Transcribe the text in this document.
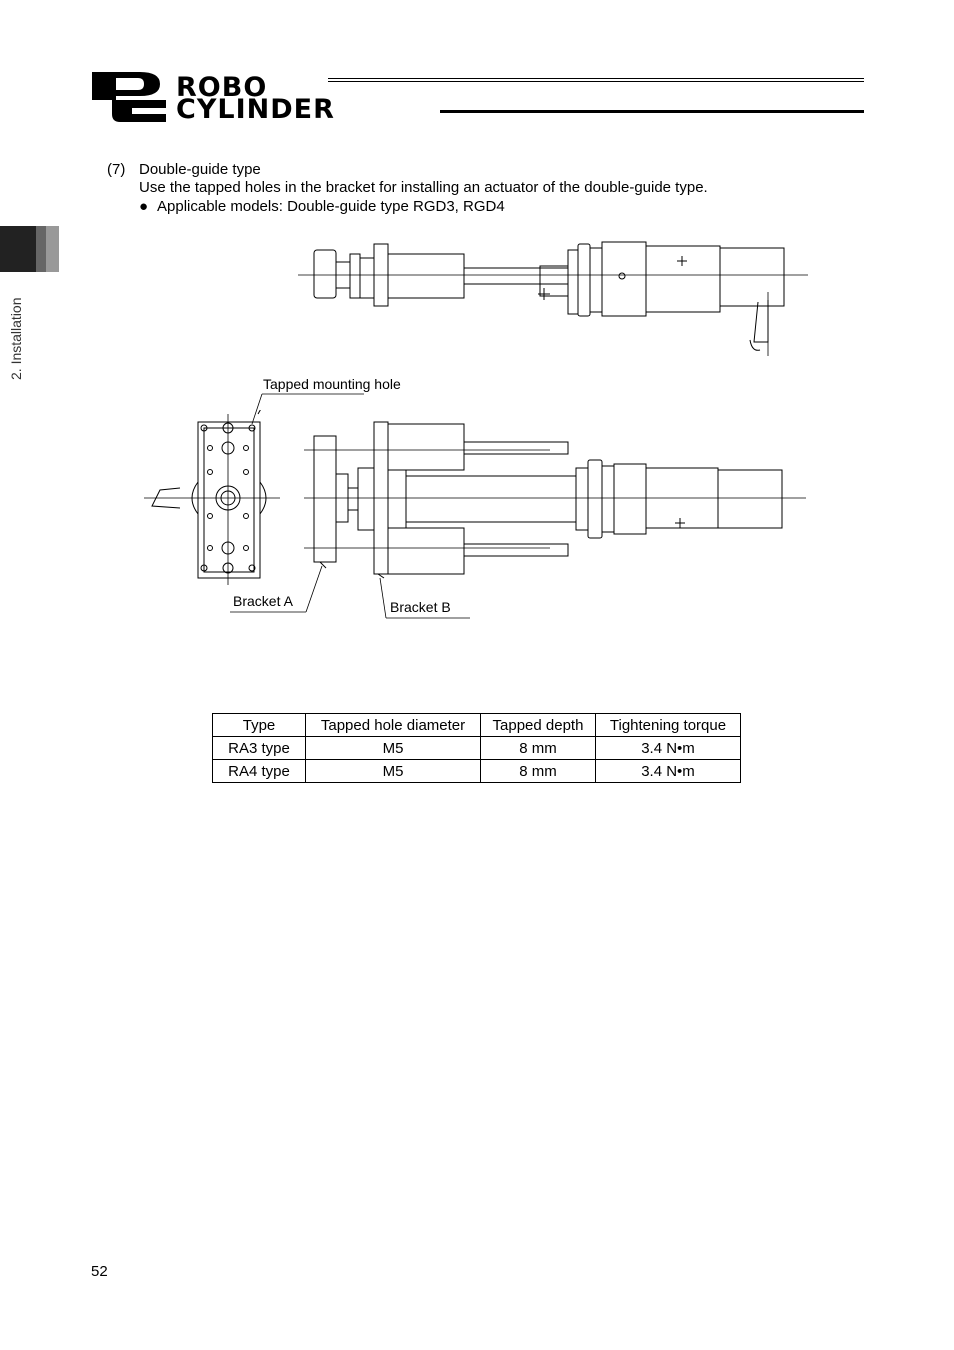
ROBO
CYLINDER
2. Installation
(7) Double-guide type
Use the tapped holes in the bracket for installing an actuator of the double-guide type.
● Applicable models: Double-guide type RGD3, RGD4
Tapped mounting hole
Bracket A	Bracket B
Type	Tapped hole diameter	Tapped depth	Tightening torque
RA3 type	M5	8 mm	3.4 N•m
RA4 type	M5	8 mm	3.4 N•m
52
